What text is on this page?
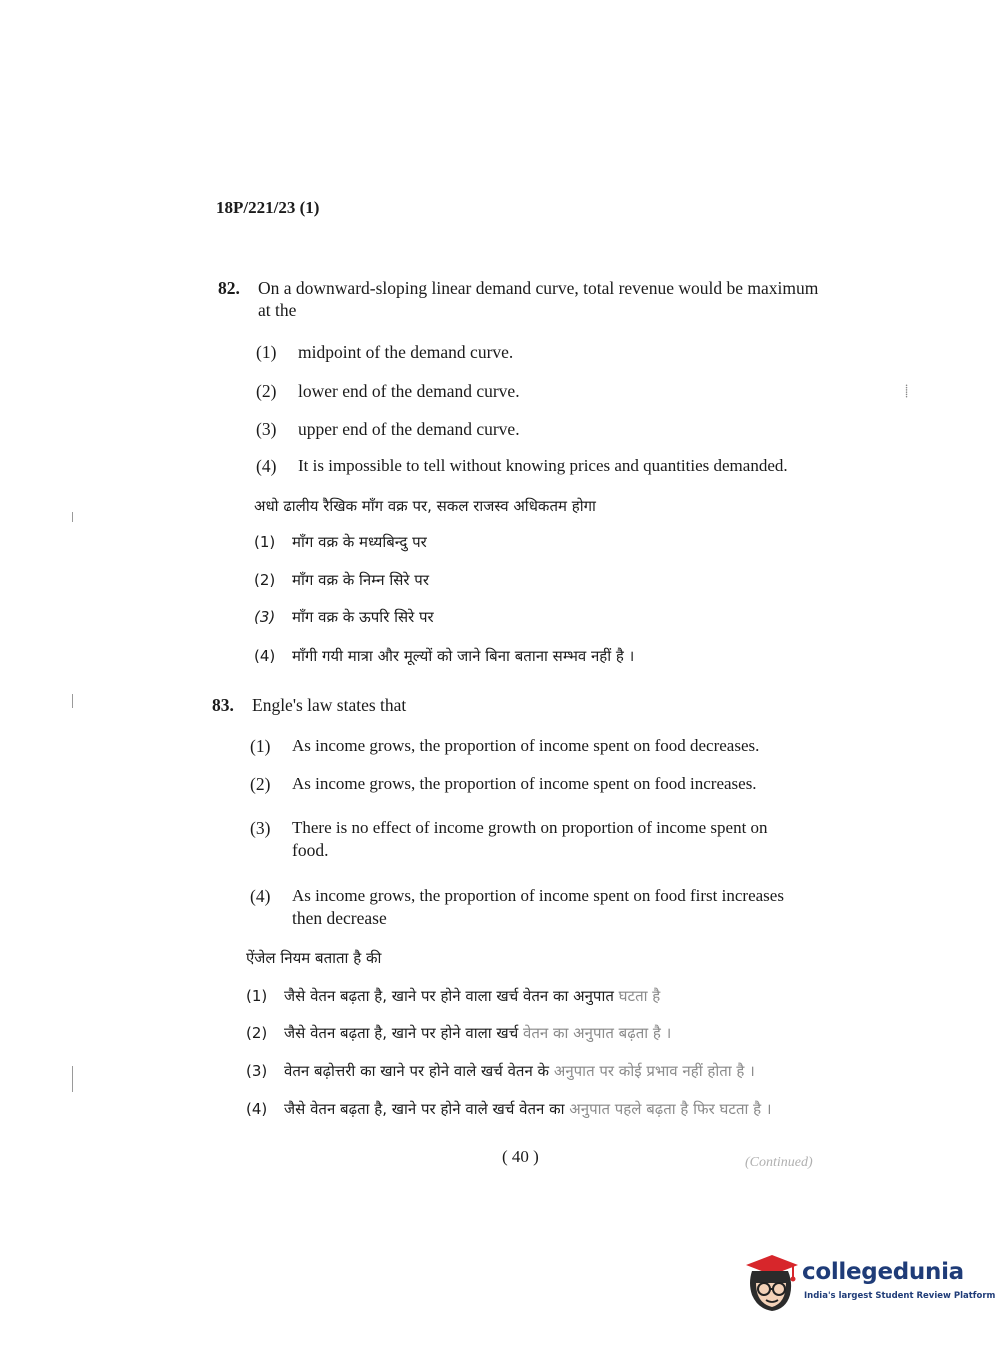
18P/221/23 (1)
⸽
82. On a downward-sloping linear demand curve, total revenue would be maximum
at the
(1) midpoint of the demand curve.
(2) lower end of the demand curve.
(3) upper end of the demand curve.
(4) It is impossible to tell without knowing prices and quantities demanded.
अधो ढालीय रैखिक माँग वक्र पर, सकल राजस्व अधिकतम होगा
(1) माँग वक्र के मध्यबिन्दु पर
(2) माँग वक्र के निम्न सिरे पर
(3) माँग वक्र के ऊपरि सिरे पर
(4) माँगी गयी मात्रा और मूल्यों को जाने बिना बताना सम्भव नहीं है ।
83. Engle's law states that
(1) As income grows, the proportion of income spent on food decreases.
(2) As income grows, the proportion of income spent on food increases.
(3) There is no effect of income growth on proportion of income spent on
food.
(4) As income grows, the proportion of income spent on food first increases
then decrease
ऐंजेल नियम बताता है की
(1) जैसे वेतन बढ़ता है, खाने पर होने वाला खर्च वेतन का अनुपात घटता है
(2) जैसे वेतन बढ़ता है, खाने पर होने वाला खर्च वेतन का अनुपात बढ़ता है ।
(3) वेतन बढ़ोत्तरी का खाने पर होने वाले खर्च वेतन के अनुपात पर कोई प्रभाव नहीं होता है ।
(4) जैसे वेतन बढ़ता है, खाने पर होने वाले खर्च वेतन का अनुपात पहले बढ़ता है फिर घटता है ।
( 40 )	(Continued)
collegedunia
India's largest Student Review Platform
